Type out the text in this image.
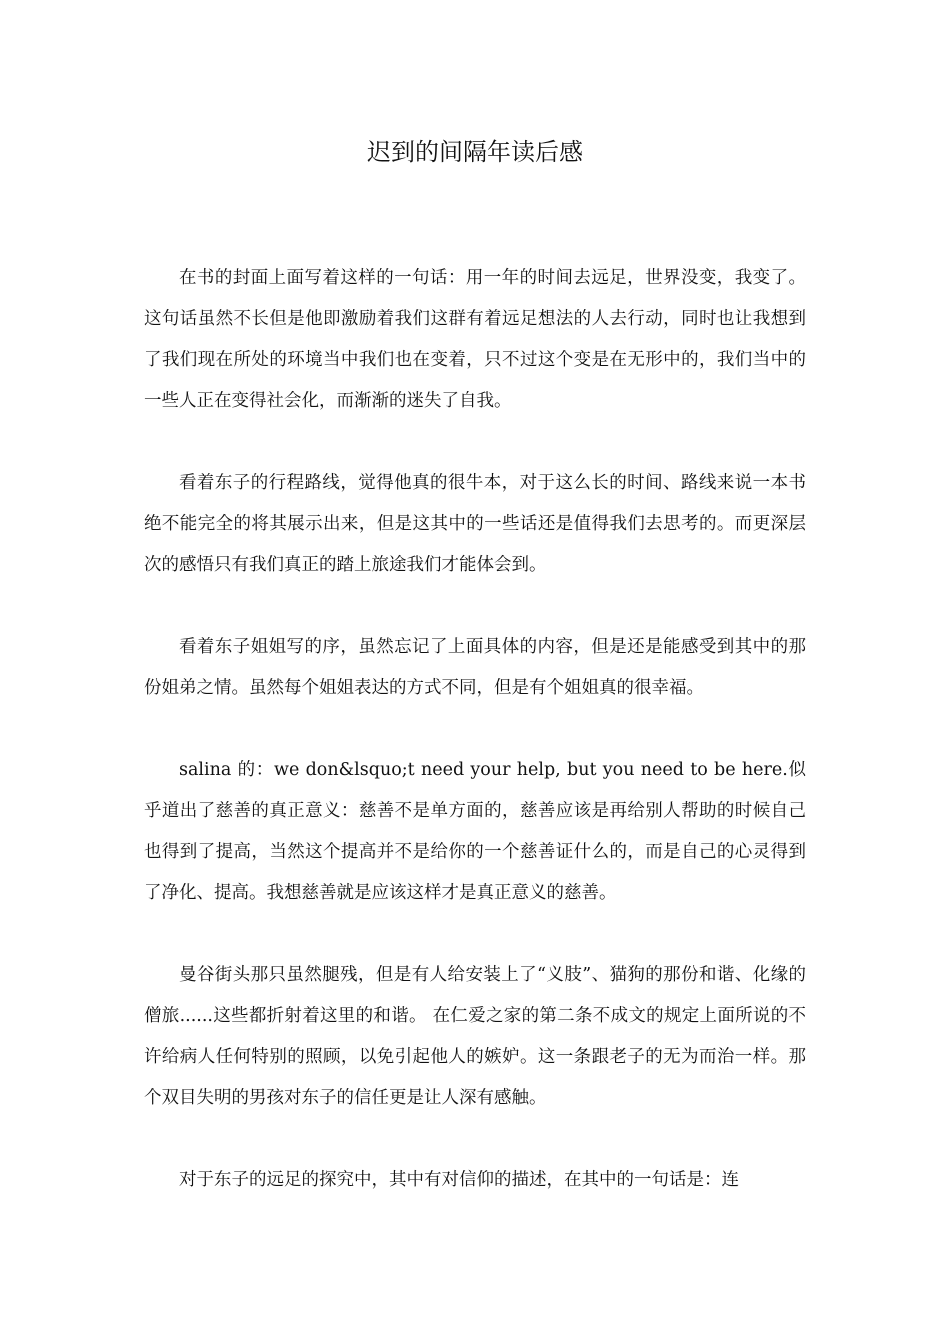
迟到的间隔年读后感

在书的封面上面写着这样的一句话：用一年的时间去远足，世界没变，我变了。这句话虽然不长但是他即激励着我们这群有着远足想法的人去行动，同时也让我想到了我们现在所处的环境当中我们也在变着，只不过这个变是在无形中的，我们当中的一些人正在变得社会化，而渐渐的迷失了自我。

看着东子的行程路线，觉得他真的很牛本，对于这么长的时间、路线来说一本书绝不能完全的将其展示出来，但是这其中的一些话还是值得我们去思考的。而更深层次的感悟只有我们真正的踏上旅途我们才能体会到。

看着东子姐姐写的序，虽然忘记了上面具体的内容，但是还是能感受到其中的那份姐弟之情。虽然每个姐姐表达的方式不同，但是有个姐姐真的很幸福。

salina 的：we don&lsquo;t need your help, but you need to be here.似乎道出了慈善的真正意义：慈善不是单方面的，慈善应该是再给别人帮助的时候自己也得到了提高，当然这个提高并不是给你的一个慈善证什么的，而是自己的心灵得到了净化、提高。我想慈善就是应该这样才是真正意义的慈善。

曼谷街头那只虽然腿残，但是有人给安装上了“义肢”、猫狗的那份和谐、化缘的僧旅......这些都折射着这里的和谐。 在仁爱之家的第二条不成文的规定上面所说的不许给病人任何特别的照顾，以免引起他人的嫉妒。这一条跟老子的无为而治一样。那个双目失明的男孩对东子的信任更是让人深有感触。

对于东子的远足的探究中，其中有对信仰的描述，在其中的一句话是：连
